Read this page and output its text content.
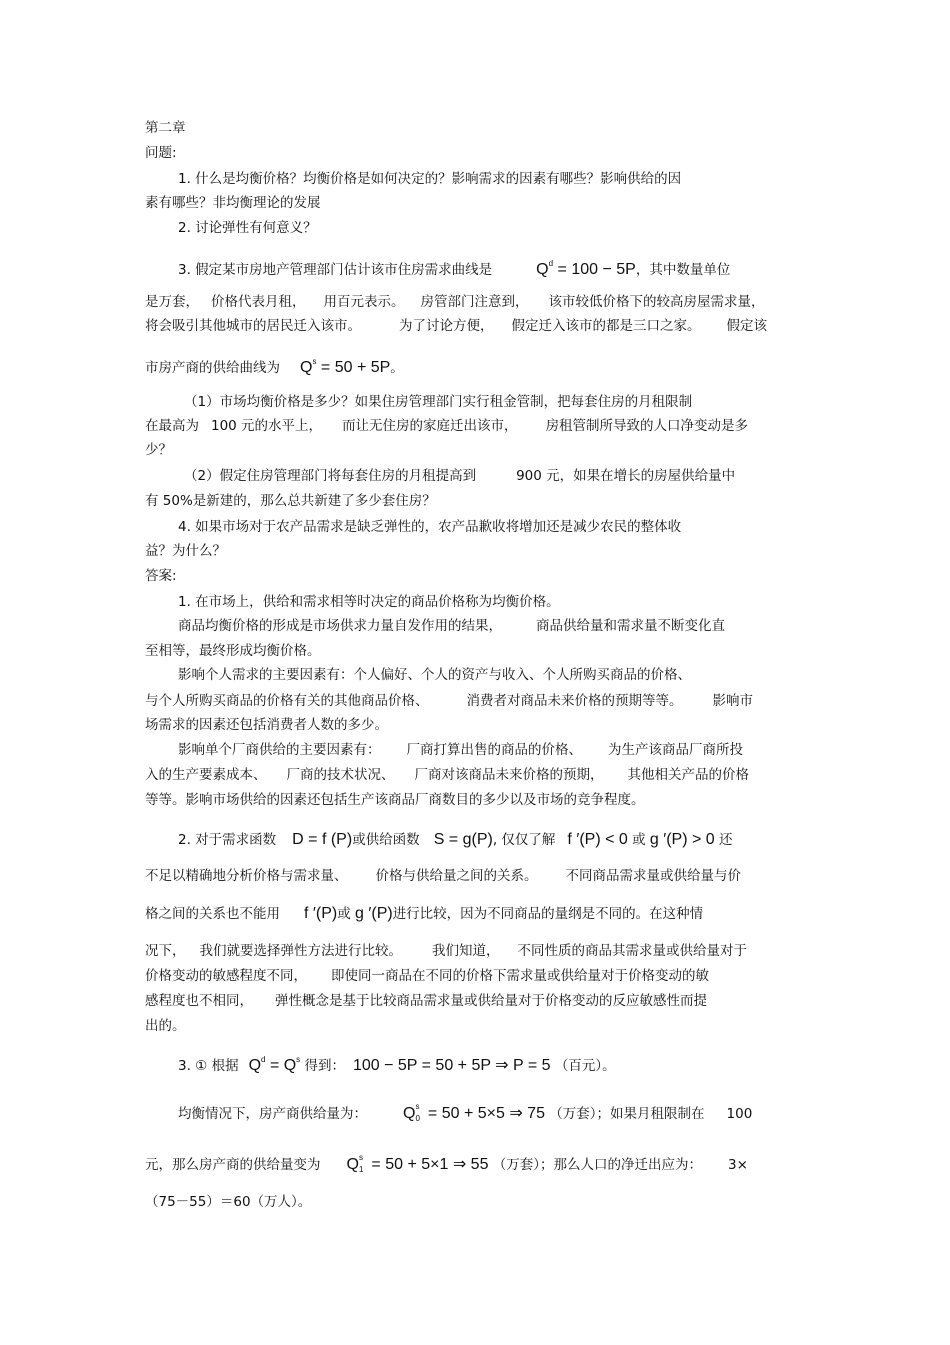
第二章
问题:
1. 什么是均衡价格？均衡价格是如何决定的？影响需求的因素有哪些？影响供给的因
素有哪些？非均衡理论的发展
2. 讨论弹性有何意义？
3. 假定某市房地产管理部门估计该市住房需求曲线是	$Q^d = 100 - 5P$，其中数量单位
是万套， 价格代表月租， 用百元表示。 房管部门注意到， 该市较低价格下的较高房屋需求量，
将会吸引其他城市的居民迁入该市。	为了讨论方便， 假定迁入该市的都是三口之家。 假定该
市房产商的供给曲线为 $Q^s = 50 + 5P$。
（1）市场均衡价格是多少？如果住房管理部门实行租金管制，把每套住房的月租限制
在最高为 100 元的水平上， 而让无住房的家庭迁出该市， 房租管制所导致的人口净变动是多
少？
（2）假定住房管理部门将每套住房的月租提高到	900 元，如果在增长的房屋供给量中
有 50%是新建的，那么总共新建了多少套住房？
4. 如果市场对于农产品需求是缺乏弹性的，农产品歉收将增加还是减少农民的整体收
益？为什么？
答案:
1. 在市场上，供给和需求相等时决定的商品价格称为均衡价格。
商品均衡价格的形成是市场供求力量自发作用的结果，	商品供给量和需求量不断变化直
至相等，最终形成均衡价格。
影响个人需求的主要因素有：个人偏好、个人的资产与收入、个人所购买商品的价格、
与个人所购买商品的价格有关的其他商品价格、	消费者对商品未来价格的预期等等。 影响市
场需求的因素还包括消费者人数的多少。
影响单个厂商供给的主要因素有： 厂商打算出售的商品的价格、 为生产该商品厂商所投
入的生产要素成本、 厂商的技术状况、 厂商对该商品未来价格的预期， 其他相关产品的价格
等等。影响市场供给的因素还包括生产该商品厂商数目的多少以及市场的竞争程度。
2. 对于需求函数 D = f (P)或供给函数 S = g(P), 仅仅了解 f ′(P) < 0 或 g ′(P) > 0 还
不足以精确地分析价格与需求量、 价格与供给量之间的关系。 不同商品需求量或供给量与价
格之间的关系也不能用 f ′(P)或 g ′(P)进行比较，因为不同商品的量纲是不同的。在这种情
况下， 我们就要选择弹性方法进行比较。 我们知道， 不同性质的商品其需求量或供给量对于
价格变动的敏感程度不同， 即使同一商品在不同的价格下需求量或供给量对于价格变动的敏
感程度也不相同， 弹性概念是基于比较商品需求量或供给量对于价格变动的反应敏感性而提
出的。
3. ① 根据 $Q^d = Q^s$ 得到： 100 − 5P = 50 + 5P ⇒ P = 5 （百元）。
均衡情况下，房产商供给量为： Q s
0 = 50 + 5×5 ⇒ 75 （万套）；如果月租限制在 100
元，那么房产商的供给量变为 Q s
1 = 50 + 5×1 ⇒ 55 （万套）；那么人口的净迁出应为： 3×
（75－55）＝60（万人）。
